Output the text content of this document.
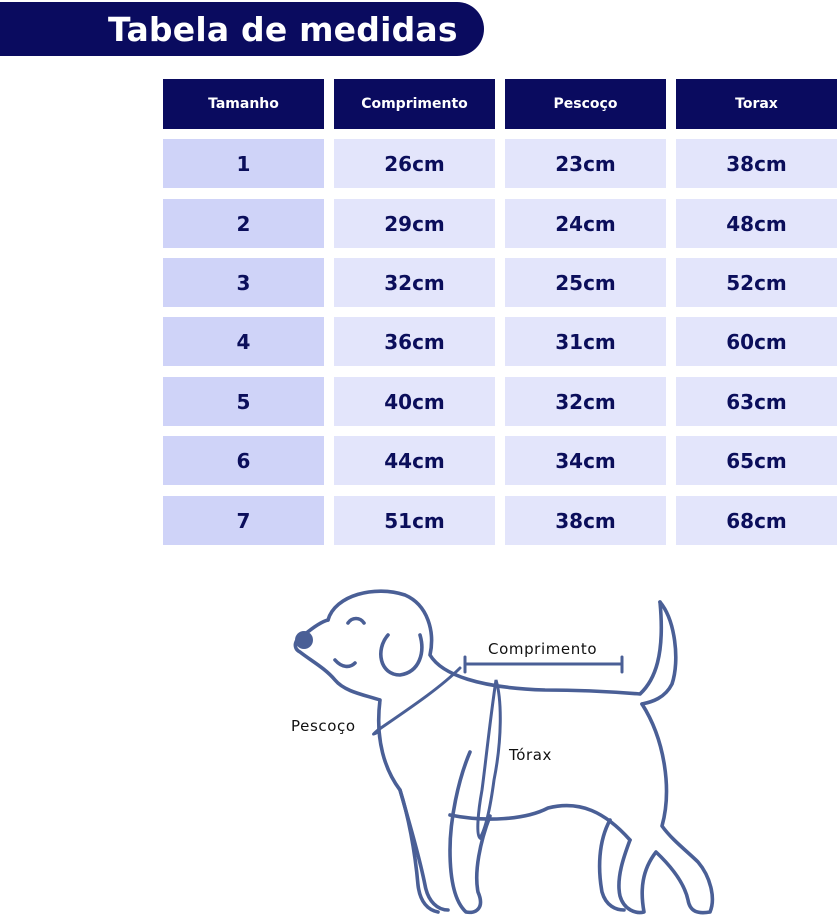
Tabela de medidas
Tamanho	Comprimento	Pescoço	Torax
1	26cm	23cm	38cm
2	29cm	24cm	48cm
3	32cm	25cm	52cm
4	36cm	31cm	60cm
5	40cm	32cm	63cm
6	44cm	34cm	65cm
7	51cm	38cm	68cm
Comprimento
Pescoço
Tórax
